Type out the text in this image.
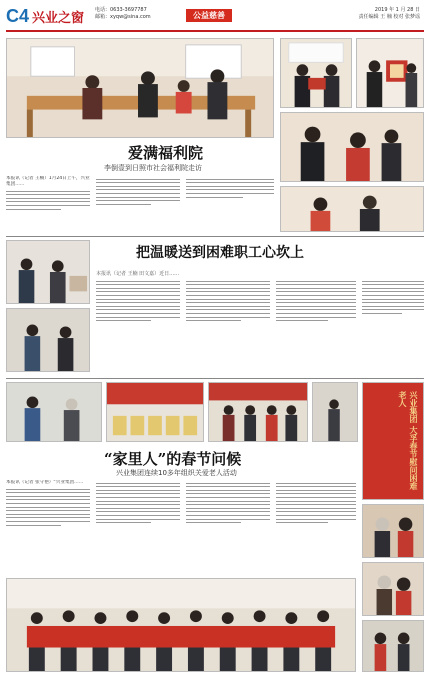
C4 兴业之窗
电话：0633-3697787
邮箱：xyqw@sina.com	公益慈善
2019 年 1 月 28 日
责任编辑 王 楠 校对 张梦谣
爱满福利院
李倒壹到日照市社会福利院走访
本报讯（记者 王楠）1月24日上午，兴业集团……
把温暖送到困难职工心坎上
本报讯（记者 王楠 田文嘉）近日……
兴业集团 大孚春节慰问困难老人
“家里人”的春节问候
兴业集团连续10多年组织关爱老人活动
本报讯（记者 张守艳）“兴业集团……
